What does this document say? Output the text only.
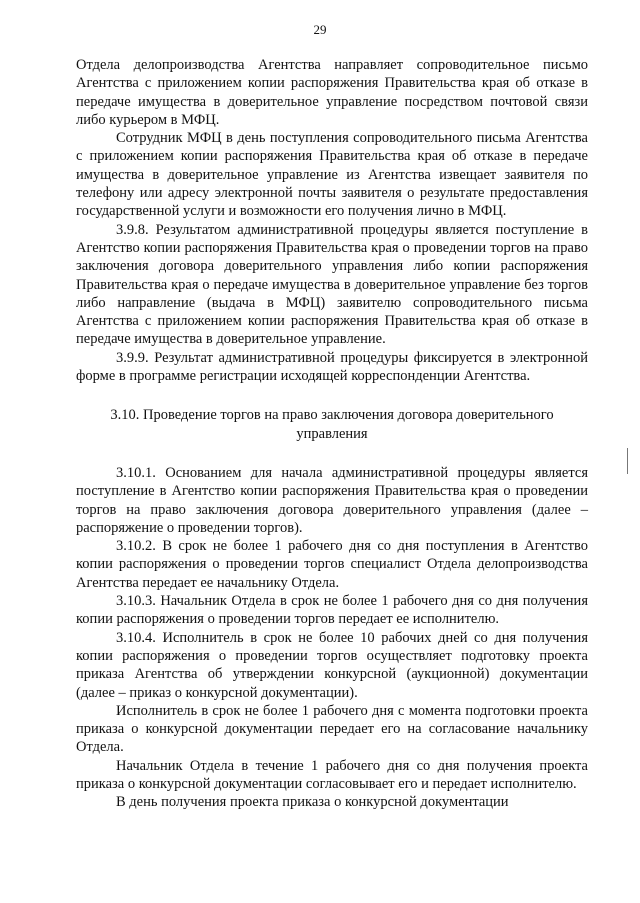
29

Отдела делопроизводства Агентства направляет сопроводительное письмо Агентства с приложением копии распоряжения Правительства края об отказе в передаче имущества в доверительное управление посредством почтовой связи либо курьером в МФЦ.

Сотрудник МФЦ в день поступления сопроводительного письма Агентства с приложением копии распоряжения Правительства края об отказе в передаче имущества в доверительное управление из Агентства извещает заявителя по телефону или адресу электронной почты заявителя о результате предоставления государственной услуги и возможности его получения лично в МФЦ.

3.9.8. Результатом административной процедуры является поступление в Агентство копии распоряжения Правительства края о проведении торгов на право заключения договора доверительного управления либо копии распоряжения Правительства края о передаче имущества в доверительное управление без торгов либо направление (выдача в МФЦ) заявителю сопроводительного письма Агентства с приложением копии распоряжения Правительства края об отказе в передаче имущества в доверительное управление.

3.9.9. Результат административной процедуры фиксируется в электронной форме в программе регистрации исходящей корреспонденции Агентства.

3.10. Проведение торгов на право заключения договора доверительного управления

3.10.1. Основанием для начала административной процедуры является поступление в Агентство копии распоряжения Правительства края о проведении торгов на право заключения договора доверительного управления (далее – распоряжение о проведении торгов).

3.10.2. В срок не более 1 рабочего дня со дня поступления в Агентство копии распоряжения о проведении торгов специалист Отдела делопроизводства Агентства передает ее начальнику Отдела.

3.10.3. Начальник Отдела в срок не более 1 рабочего дня со дня получения копии распоряжения о проведении торгов передает ее исполнителю.

3.10.4. Исполнитель в срок не более 10 рабочих дней со дня получения копии распоряжения о проведении торгов осуществляет подготовку проекта приказа Агентства об утверждении конкурсной (аукционной) документации (далее – приказ о конкурсной документации).

Исполнитель в срок не более 1 рабочего дня с момента подготовки проекта приказа о конкурсной документации передает его на согласование начальнику Отдела.

Начальник Отдела в течение 1 рабочего дня со дня получения проекта приказа о конкурсной документации согласовывает его и передает исполнителю.

В день получения проекта приказа о конкурсной документации
